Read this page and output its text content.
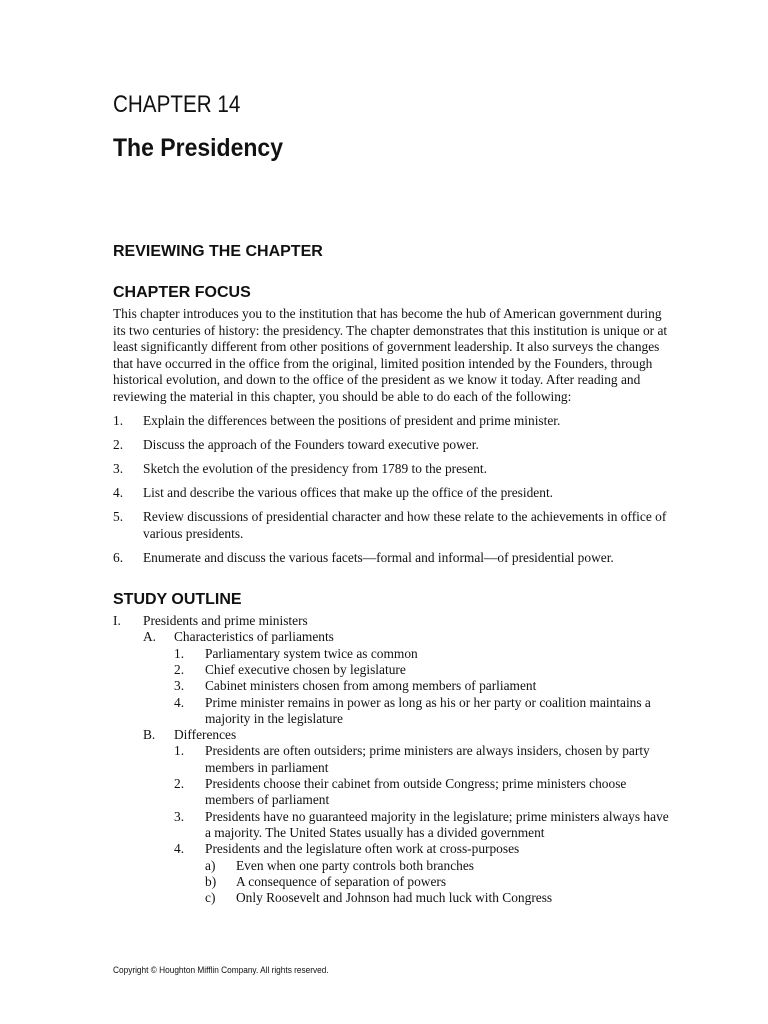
CHAPTER 14
The Presidency
REVIEWING THE CHAPTER
CHAPTER FOCUS
This chapter introduces you to the institution that has become the hub of American government during
its two centuries of history: the presidency. The chapter demonstrates that this institution is unique or at
least significantly different from other positions of government leadership. It also surveys the changes
that have occurred in the office from the original, limited position intended by the Founders, through
historical evolution, and down to the office of the president as we know it today. After reading and
reviewing the material in this chapter, you should be able to do each of the following:
1. Explain the differences between the positions of president and prime minister.
2. Discuss the approach of the Founders toward executive power.
3. Sketch the evolution of the presidency from 1789 to the present.
4. List and describe the various offices that make up the office of the president.
5. Review discussions of presidential character and how these relate to the achievements in office of
various presidents.
6. Enumerate and discuss the various facets—formal and informal—of presidential power.
STUDY OUTLINE
I. Presidents and prime ministers
A. Characteristics of parliaments
1. Parliamentary system twice as common
2. Chief executive chosen by legislature
3. Cabinet ministers chosen from among members of parliament
4. Prime minister remains in power as long as his or her party or coalition maintains a
majority in the legislature
B. Differences
1. Presidents are often outsiders; prime ministers are always insiders, chosen by party
members in parliament
2. Presidents choose their cabinet from outside Congress; prime ministers choose
members of parliament
3. Presidents have no guaranteed majority in the legislature; prime ministers always have
a majority. The United States usually has a divided government
4. Presidents and the legislature often work at cross-purposes
a) Even when one party controls both branches
b) A consequence of separation of powers
c) Only Roosevelt and Johnson had much luck with Congress
Copyright © Houghton Mifflin Company. All rights reserved.
